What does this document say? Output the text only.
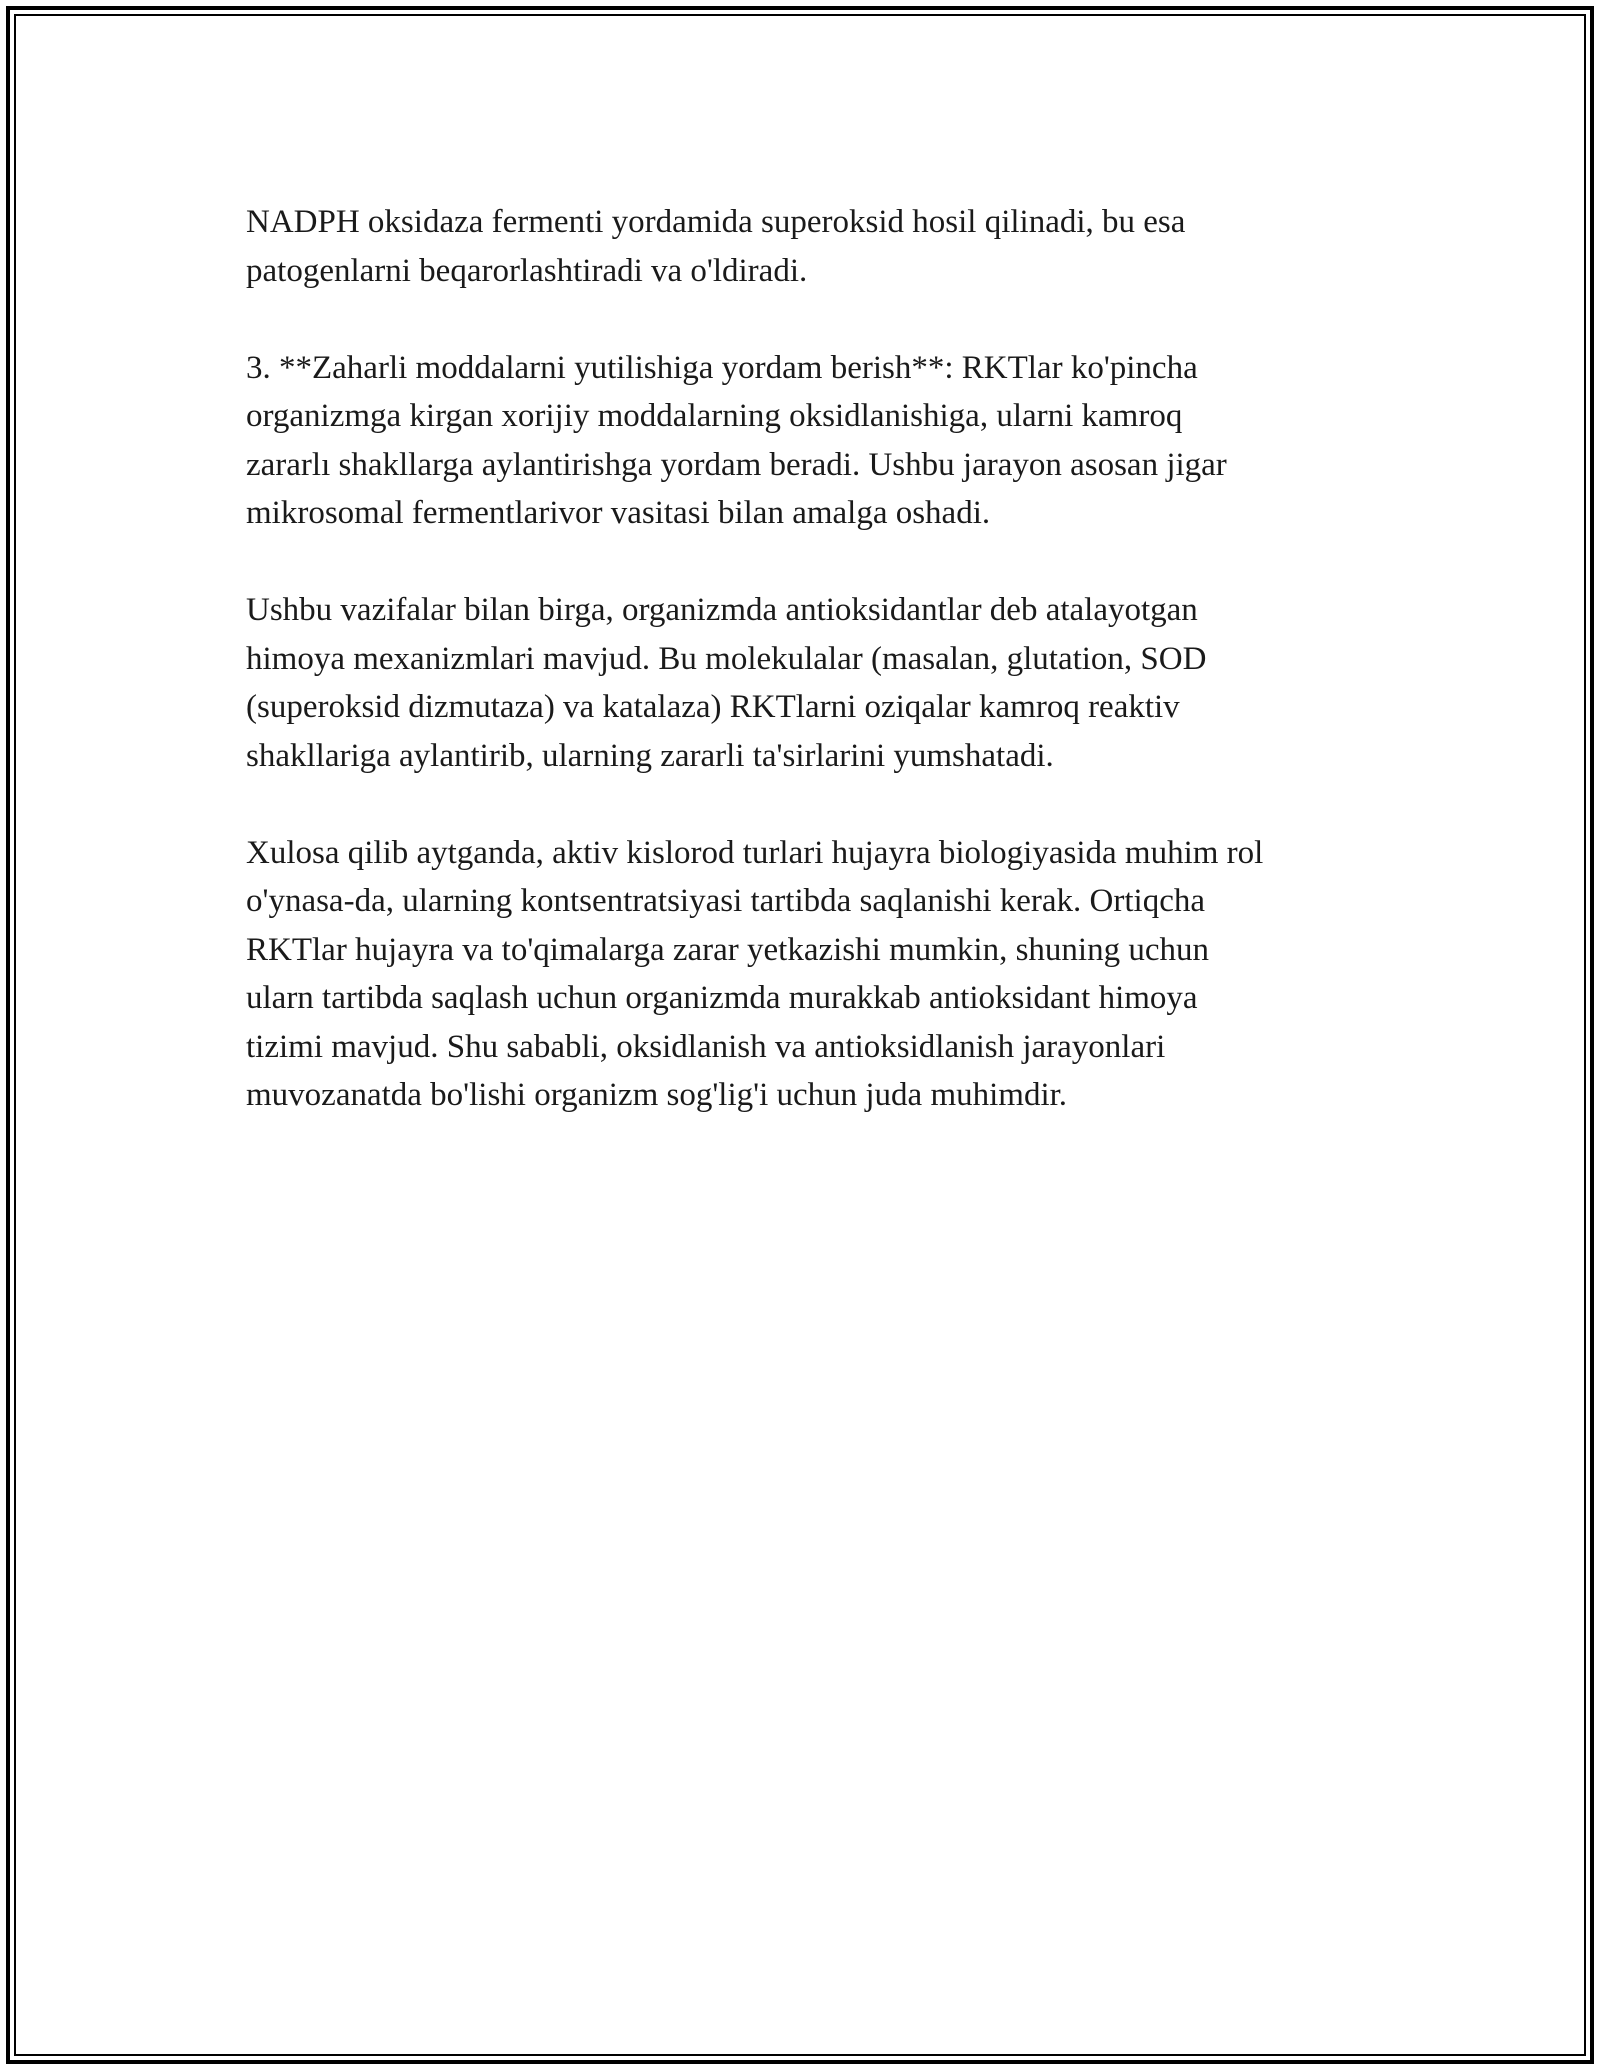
NADPH oksidaza fermenti yordamida superoksid hosil qilinadi, bu esa
patogenlarni beqarorlashtiradi va o'ldiradi.

3. **Zaharli moddalarni yutilishiga yordam berish**: RKTlar ko'pincha
organizmga kirgan xorijiy moddalarning oksidlanishiga, ularni kamroq
zararlı shakllarga aylantirishga yordam beradi. Ushbu jarayon asosan jigar
mikrosomal fermentlarivor vasitasi bilan amalga oshadi.

Ushbu vazifalar bilan birga, organizmda antioksidantlar deb atalayotgan
himoya mexanizmlari mavjud. Bu molekulalar (masalan, glutation, SOD
(superoksid dizmutaza) va katalaza) RKTlarni oziqalar kamroq reaktiv
shakllariga aylantirib, ularning zararli ta'sirlarini yumshatadi.

Xulosa qilib aytganda, aktiv kislorod turlari hujayra biologiyasida muhim rol
o'ynasa-da, ularning kontsentratsiyasi tartibda saqlanishi kerak. Ortiqcha
RKTlar hujayra va to'qimalarga zarar yetkazishi mumkin, shuning uchun
ularn tartibda saqlash uchun organizmda murakkab antioksidant himoya
tizimi mavjud. Shu sababli, oksidlanish va antioksidlanish jarayonlari
muvozanatda bo'lishi organizm sog'lig'i uchun juda muhimdir.
